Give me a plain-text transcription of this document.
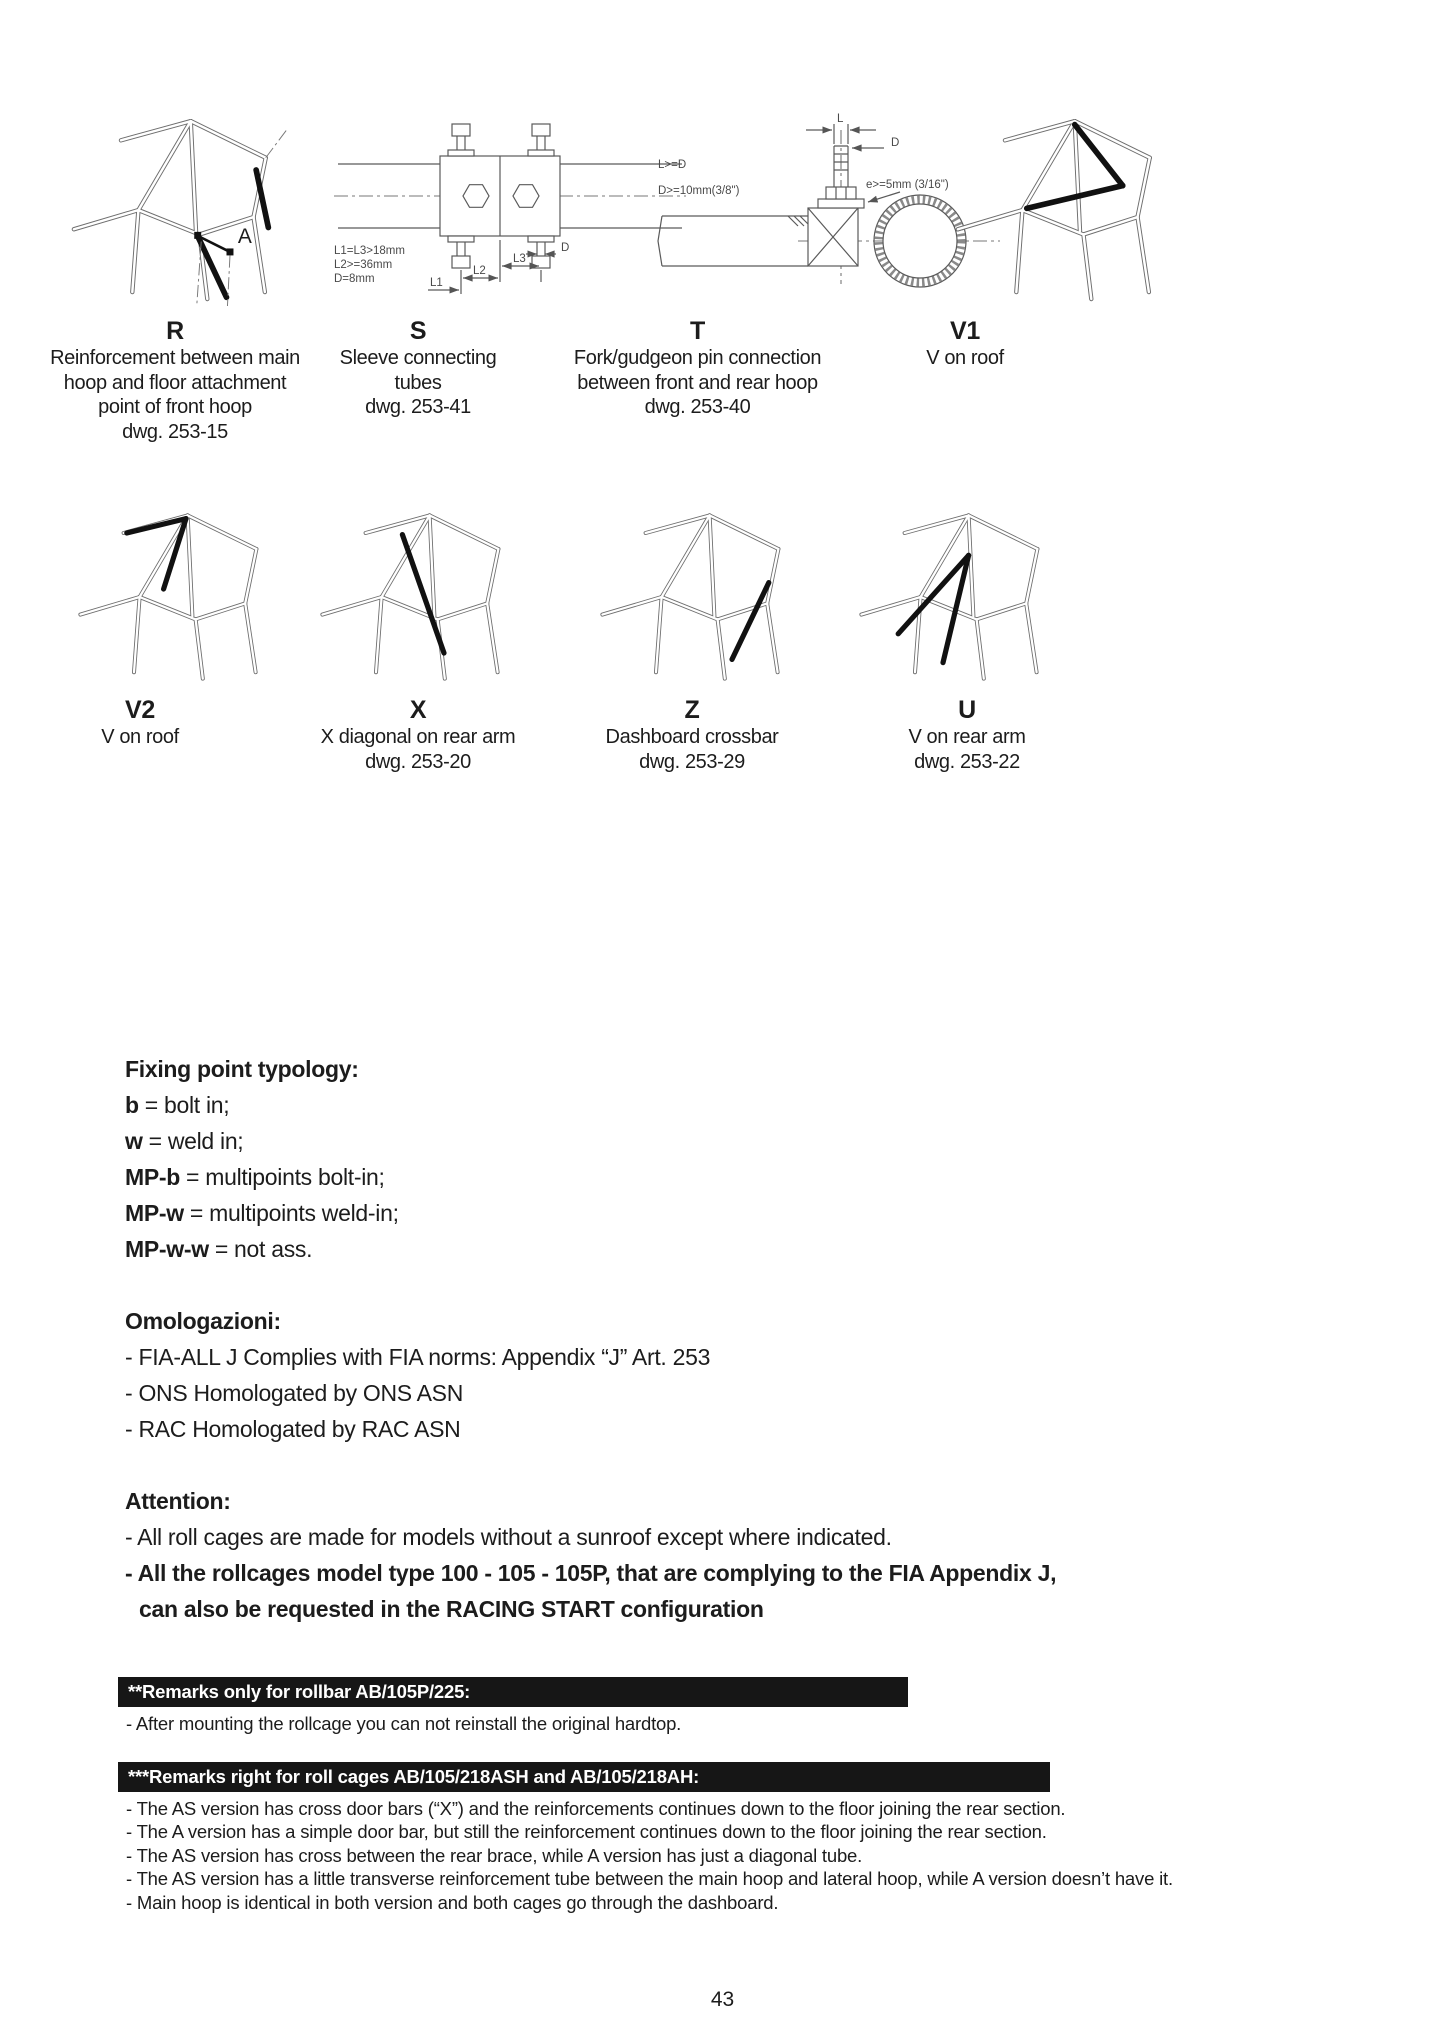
A
R
Reinforcement between main
hoop and floor attachment
point of front hoop
dwg. 253-15
L1
L2
L3
D
L1=L3>18mm
L2>=36mm
D=8mm
S
Sleeve connecting
tubes
dwg. 253-41
L
D
L>=D
D>=10mm(3/8")	e>=5mm (3/16")
T
Fork/gudgeon pin connection
between front and rear hoop
dwg. 253-40
V1
V on roof
V2
V on roof
X
X diagonal on rear arm
dwg. 253-20
Z
Dashboard crossbar
dwg. 253-29
U
V on rear arm
dwg. 253-22
Fixing point typology:
b = bolt in;
w = weld in;
MP-b = multipoints bolt-in;
MP-w = multipoints weld-in;
MP-w-w = not ass.
Omologazioni:
- FIA-ALL J Complies with FIA norms: Appendix “J” Art. 253
- ONS Homologated by ONS ASN
- RAC Homologated by RAC ASN
Attention:
- All roll cages are made for models without a sunroof except where indicated.
- All the rollcages model type 100 - 105 - 105P, that are complying to the FIA Appendix J,
can also be requested in the RACING START configuration
**Remarks only for rollbar AB/105P/225:
- After mounting the rollcage you can not reinstall the original hardtop.
***Remarks right for roll cages AB/105/218ASH and AB/105/218AH:
- The AS version has cross door bars (“X”) and the reinforcements continues down to the floor joining the rear section.
- The A version has a simple door bar, but still the reinforcement continues down to the floor joining the rear section.
- The AS version has cross between the rear brace, while A version has just a diagonal tube.
- The AS version has a little transverse reinforcement tube between the main hoop and lateral hoop, while A version doesn’t have it.
- Main hoop is identical in both version and both cages go through the dashboard.
43
